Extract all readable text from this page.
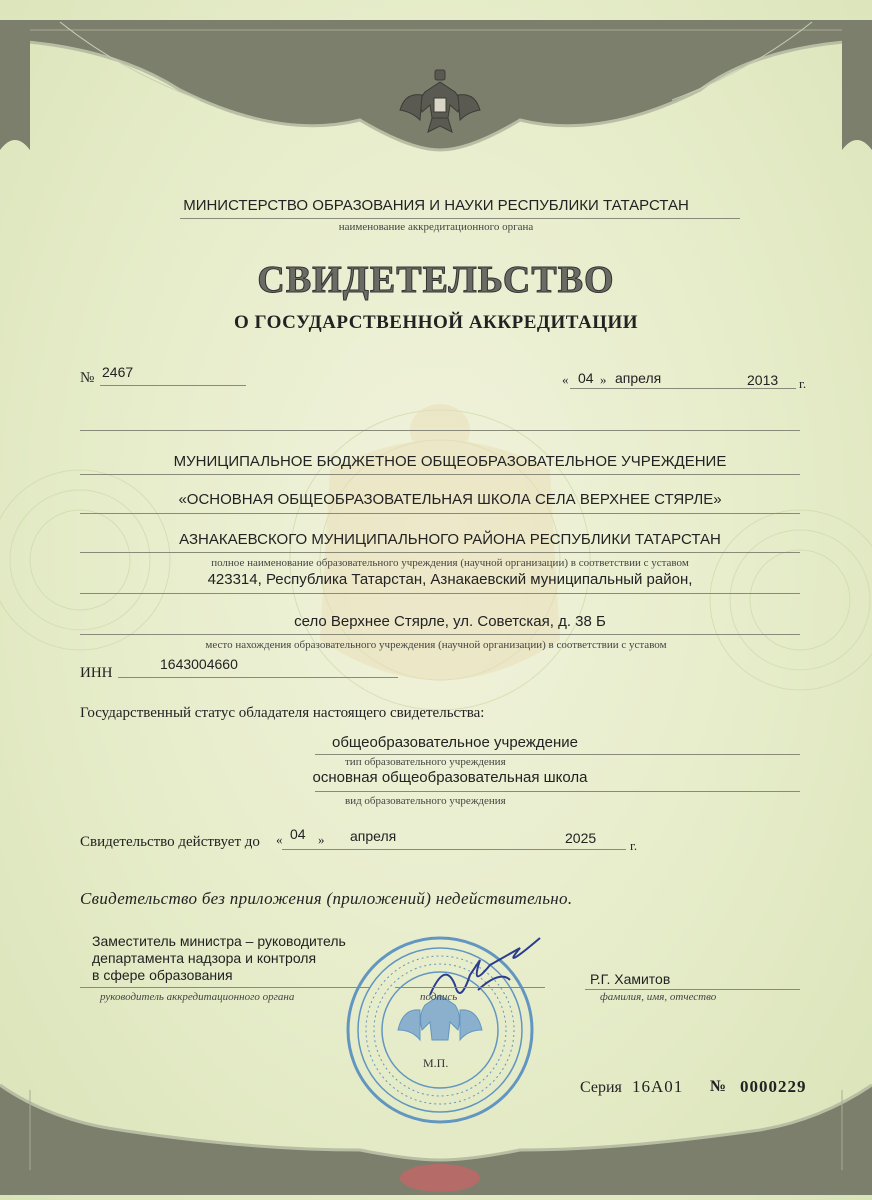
МИНИСТЕРСТВО ОБРАЗОВАНИЯ И НАУКИ РЕСПУБЛИКИ ТАТАРСТАН
наименование аккредитационного органа
СВИДЕТЕЛЬСТВО
О ГОСУДАРСТВЕННОЙ АККРЕДИТАЦИИ
№ 2467	« 04 » апреля	2013 г.
МУНИЦИПАЛЬНОЕ БЮДЖЕТНОЕ ОБЩЕОБРАЗОВАТЕЛЬНОЕ УЧРЕЖДЕНИЕ
«ОСНОВНАЯ ОБЩЕОБРАЗОВАТЕЛЬНАЯ ШКОЛА СЕЛА ВЕРХНЕЕ СТЯРЛЕ»
АЗНАКАЕВСКОГО МУНИЦИПАЛЬНОГО РАЙОНА РЕСПУБЛИКИ ТАТАРСТАН
полное наименование образовательного учреждения (научной организации) в соответствии с уставом
423314, Республика Татарстан, Азнакаевский муниципальный район,
село Верхнее Стярле, ул. Советская, д. 38 Б
место нахождения образовательного учреждения (научной организации) в соответствии с уставом
ИНН
1643004660
Государственный статус обладателя настоящего свидетельства:
общеобразовательное учреждение
тип образовательного учреждения
основная общеобразовательная школа
вид образовательного учреждения
Свидетельство действует до « 04 » апреля	2025	г.
Свидетельство без приложения (приложений) недействительно.
Заместитель министра – руководитель
департамента надзора и контроля
в сфере образования
руководитель аккредитационного органа	подпись
Р.Г. Хамитов
фамилия, имя, отчество
М.П.
Серия 16А01 № 0000229
